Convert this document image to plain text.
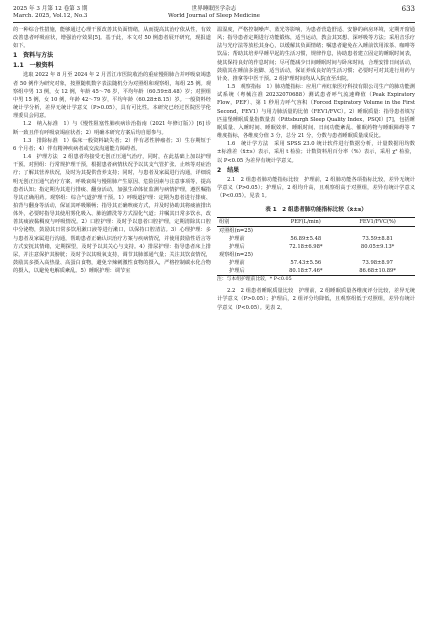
2025 年 3 月第 12 卷第 3 期
March. 2025, Vol.12, No.3
世界睡眠医学杂志
World Journal of Sleep Medicine
633

的一种综合性措施，能够通过心理干预改善其负面情绪，从而提高其治疗依从性，有效改善患者呼吸症状，增强治疗效果[5]。基于此，本文对 50 例患者展开研究，现报道如下。

1　资料与方法
1.1　一般资料

选取 2022 年 8 月至 2024 年 2 月晋江市医院收治的重症慢阻肺合并呼吸衰竭患者 50 例作为研究对象，按照随机数字表法随机分为对照组和观察组，每组 25 例。观察组中男 13 例，女 12 例，年龄 45～76 岁，平均年龄（60.59±8.48）岁；对照组中男 15 例，女 10 例，年龄 42～79 岁，平均年龄（60.28±8.15）岁。一般资料经统计学分析，差异无统计学意义（P>0.05），具有可比性。本研究已经过医院医学伦理委员会同意。

1.2　纳入标准　1）与《慢性阻塞性肺疾病诊治指南（2021 年修订版）》[6] 诊断一致且伴有呼吸衰竭症状者；2）明确本研究方案后均自愿参与。

1.3　排除标准　1）临床一般资料缺失者；2）伴有恶性肿瘤者；3）生存期短于 6 个月者；4）伴有精神疾病者或交流沟通能力障碍者。

1.4　护理方法　2 组患者均接受无创正压通气治疗，同时，在此基础上加以护理干预。对照组：行常规护理干预，根据患者病情状况予以其支气管扩张、止咳等对症治疗；了解其营养状况，及时为其提供营养支持；同时，与患者及家属进行沟通，详细说明无创正压通气治疗方案、呼吸衰竭与慢阻肺产生原因、危险因素与注意事项等，提高患者认知；指定期为其进行排痰、翻身活动，加强生命体征监测与病情护理，遵医嘱指导其正确用药。观察组：综合气道护理干预。1）呼吸道护理：定期为患者进行排痰、拍背与翻身等活动，保证其呼吸顺畅；指导其正确咳痰方式，并及时协助其将痰液排出体外，必要时指导其使用雾化吸入、肺泡灌洗等方式湿化气道；并嘱其日常多饮水，改善其痰液黏稠度与呼吸情况。2）口腔护理：及时予以患者口腔护理，定期清除其口腔中分泌物，鼓励其日常多饮用漱口液等进行漱口，以保持口腔清洁。3）心理护理：多与患者及家属进行沟通，帮助患者正确认识治疗方案与疾病情况，并使用鼓励性语言等方式安抚其情绪，定期探望，及时予以其关心与支持。4）排尿护理：指导患者床上排尿，并注意保护其膀胱；及时予以其吸氧支持，调节其肺部通气量；关注其饮食情况，鼓励其多摄入高热量、高蛋白食物，避免辛辣刺激性食物的摄入，严格控制碳水化合物的摄入，以避免电解质紊乱。5）睡眠护理：调节室

温湿度，严格控制噪声、蓝光等影响，为患者营造舒适、安静的病房环境，定期开窗通风；指导患者定期进行功能锻炼，适当运动，教会其冥想、深呼吸等方法；采用音乐疗法与光疗法等放松其身心，以缓解其负面情绪；嘱患者避免在入睡前饮用浓茶、咖啡等饮品；帮助其培养早睡早起的生活习惯，规律作息，协助患者建立固定的睡眠时间表，使其保持良好的作息时间；尽可能减少日间睡眠时间与卧床时间，合理安排日间活动，鼓励其在睡前多泡脚、适当活动，保证养成良好的生活习惯；必要时可对其进行用药与针灸、推拿等中医干预。2 组护理时间均从入院直至出院。

1.5　观察指标　1）肺功能指标：应用广州红象医疗科技有限公司生产的肺功能测试系统（粤械注准 20232070688）测试患者呼气流速峰值（Peak Expiratory Flow，PEF）、第 1 秒用力呼气容积（Forced Expiratory Volume in the First Second，FEV1）与用力肺活量的比值（FEV1/FVC）。2）睡眠质量：指导患者填写匹兹堡睡眠质量指数量表（Pittsburgh Sleep Quality Index，PSQI）[7]，包括睡眠质量、入睡时间、睡眠效率、睡眠时间、日间功能紊乱、催眠药物与睡眠障碍等 7 维度指标，各维度分值 3 分，总分 21 分，分数与患者睡眠质量成反比。

1.6　统计学方法　采用 SPSS 23.0 统计软件进行数据分析，计量数据用均数±标准差（x̄±s）表示，采用 t 检验；计数资料用百分率（%）表示，采用 χ² 检验，以 P<0.05 为差异有统计学意义。

2　结果

2.1　2 组患者肺功能指标比较　护理前，2 组肺功能各项指标比较，差异无统计学意义（P>0.05）；护理后，2 组均升高，且观察组高于对照组，差异有统计学意义（P<0.05）。见表 1。

表 1　2 组患者肺功能指标比较（x̄±s）
组别	PEF(L/min)	FEV1/FVC(%)
对照组(n=25)		
护理前	56.89±5.48	73.59±8.81
护理后	72.18±6.98*	80.05±9.13*
观察组(n=25)		
护理前	57.43±5.56	73.98±8.97
护理后	80.18±7.46*	86.68±10.89*
注：与本组护理前比较，* P<0.05

2.2　2 组患者睡眠质量比较　护理前，2 组睡眠质量各维度评分比较，差异无统计学意义（P>0.05）；护理后，2 组评分均降低，且观察组低于对照组，差异有统计学意义（P<0.05）。见表 2。
